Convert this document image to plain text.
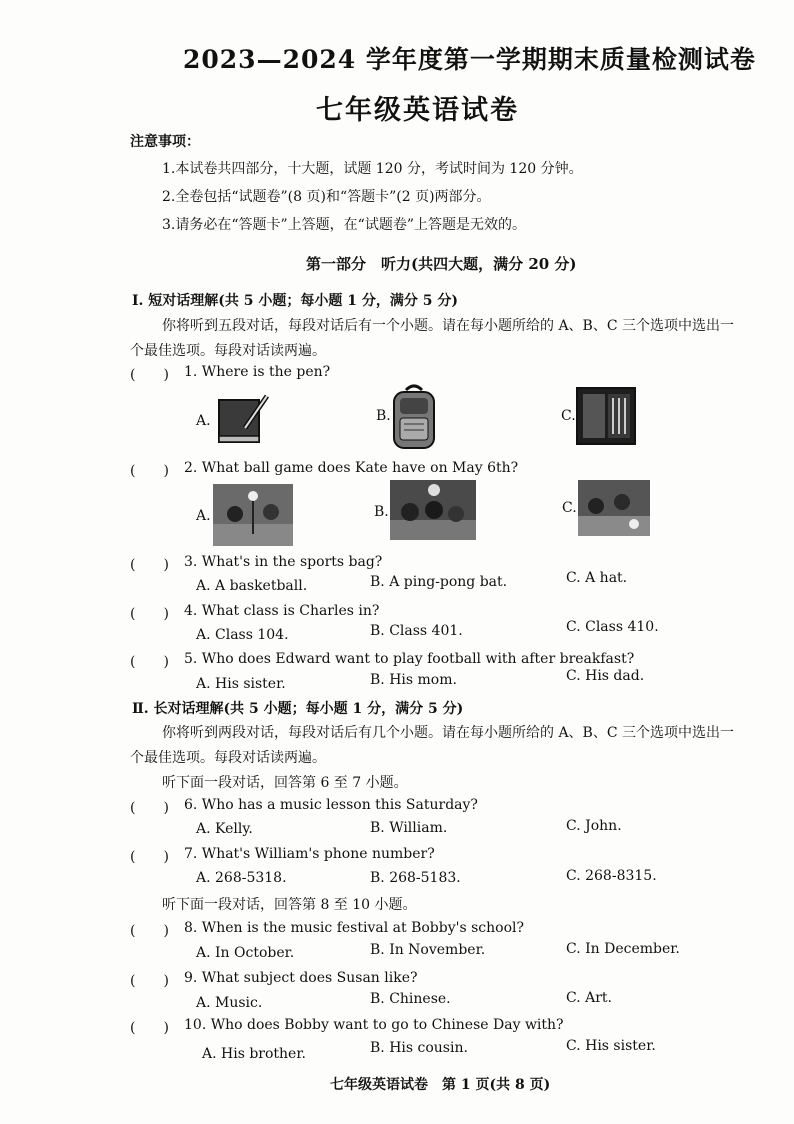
2023—2024 学年度第一学期期末质量检测试卷
七年级英语试卷
注意事项：
1.本试卷共四部分，十大题，试题 120 分，考试时间为 120 分钟。
2.全卷包括“试题卷”(8 页)和“答题卡”(2 页)两部分。
3.请务必在“答题卡”上答题，在“试题卷”上答题是无效的。
第一部分　听力(共四大题，满分 20 分)
Ⅰ. 短对话理解(共 5 小题；每小题 1 分，满分 5 分)
你将听到五段对话，每段对话后有一个小题。请在每小题所给的 A、B、C 三个选项中选出一
个最佳选项。每段对话读两遍。
(　　) 1. Where is the pen?
A.	B.	C.
(　　) 2. What ball game does Kate have on May 6th?
A.	B.	C.
(　　) 3. What's in the sports bag?
A. A basketball.	B. A ping-pong bat.	C. A hat.
(　　) 4. What class is Charles in?
A. Class 104.	B. Class 401.	C. Class 410.
(　　) 5. Who does Edward want to play football with after breakfast?
A. His sister.	B. His mom.	C. His dad.
Ⅱ. 长对话理解(共 5 小题；每小题 1 分，满分 5 分)
你将听到两段对话，每段对话后有几个小题。请在每小题所给的 A、B、C 三个选项中选出一
个最佳选项。每段对话读两遍。
听下面一段对话，回答第 6 至 7 小题。
(　　) 6. Who has a music lesson this Saturday?
A. Kelly.	B. William.	C. John.
(　　) 7. What's William's phone number?
A. 268-5318.	B. 268-5183.	C. 268-8315.
听下面一段对话，回答第 8 至 10 小题。
(　　) 8. When is the music festival at Bobby's school?
A. In October.	B. In November.	C. In December.
(　　) 9. What subject does Susan like?
A. Music.	B. Chinese.	C. Art.
(　　) 10. Who does Bobby want to go to Chinese Day with?
A. His brother.	B. His cousin.	C. His sister.
七年级英语试卷　第 1 页(共 8 页)
